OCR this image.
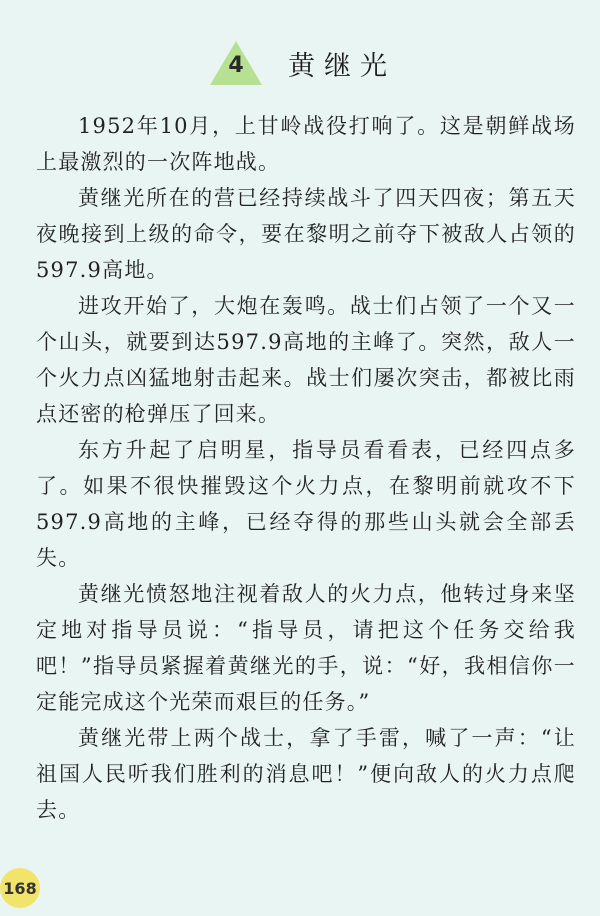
4	黄继光

1952年10月，上甘岭战役打响了。这是朝鲜战场上最激烈的一次阵地战。

黄继光所在的营已经持续战斗了四天四夜；第五天夜晚接到上级的命令，要在黎明之前夺下被敌人占领的597.9高地。

进攻开始了，大炮在轰鸣。战士们占领了一个又一个山头，就要到达597.9高地的主峰了。突然，敌人一个火力点凶猛地射击起来。战士们屡次突击，都被比雨点还密的枪弹压了回来。

东方升起了启明星，指导员看看表，已经四点多了。如果不很快摧毁这个火力点，在黎明前就攻不下597.9高地的主峰，已经夺得的那些山头就会全部丢失。

黄继光愤怒地注视着敌人的火力点，他转过身来坚定地对指导员说：“指导员，请把这个任务交给我吧！”指导员紧握着黄继光的手，说：“好，我相信你一定能完成这个光荣而艰巨的任务。”

黄继光带上两个战士，拿了手雷，喊了一声：“让祖国人民听我们胜利的消息吧！”便向敌人的火力点爬去。

168
